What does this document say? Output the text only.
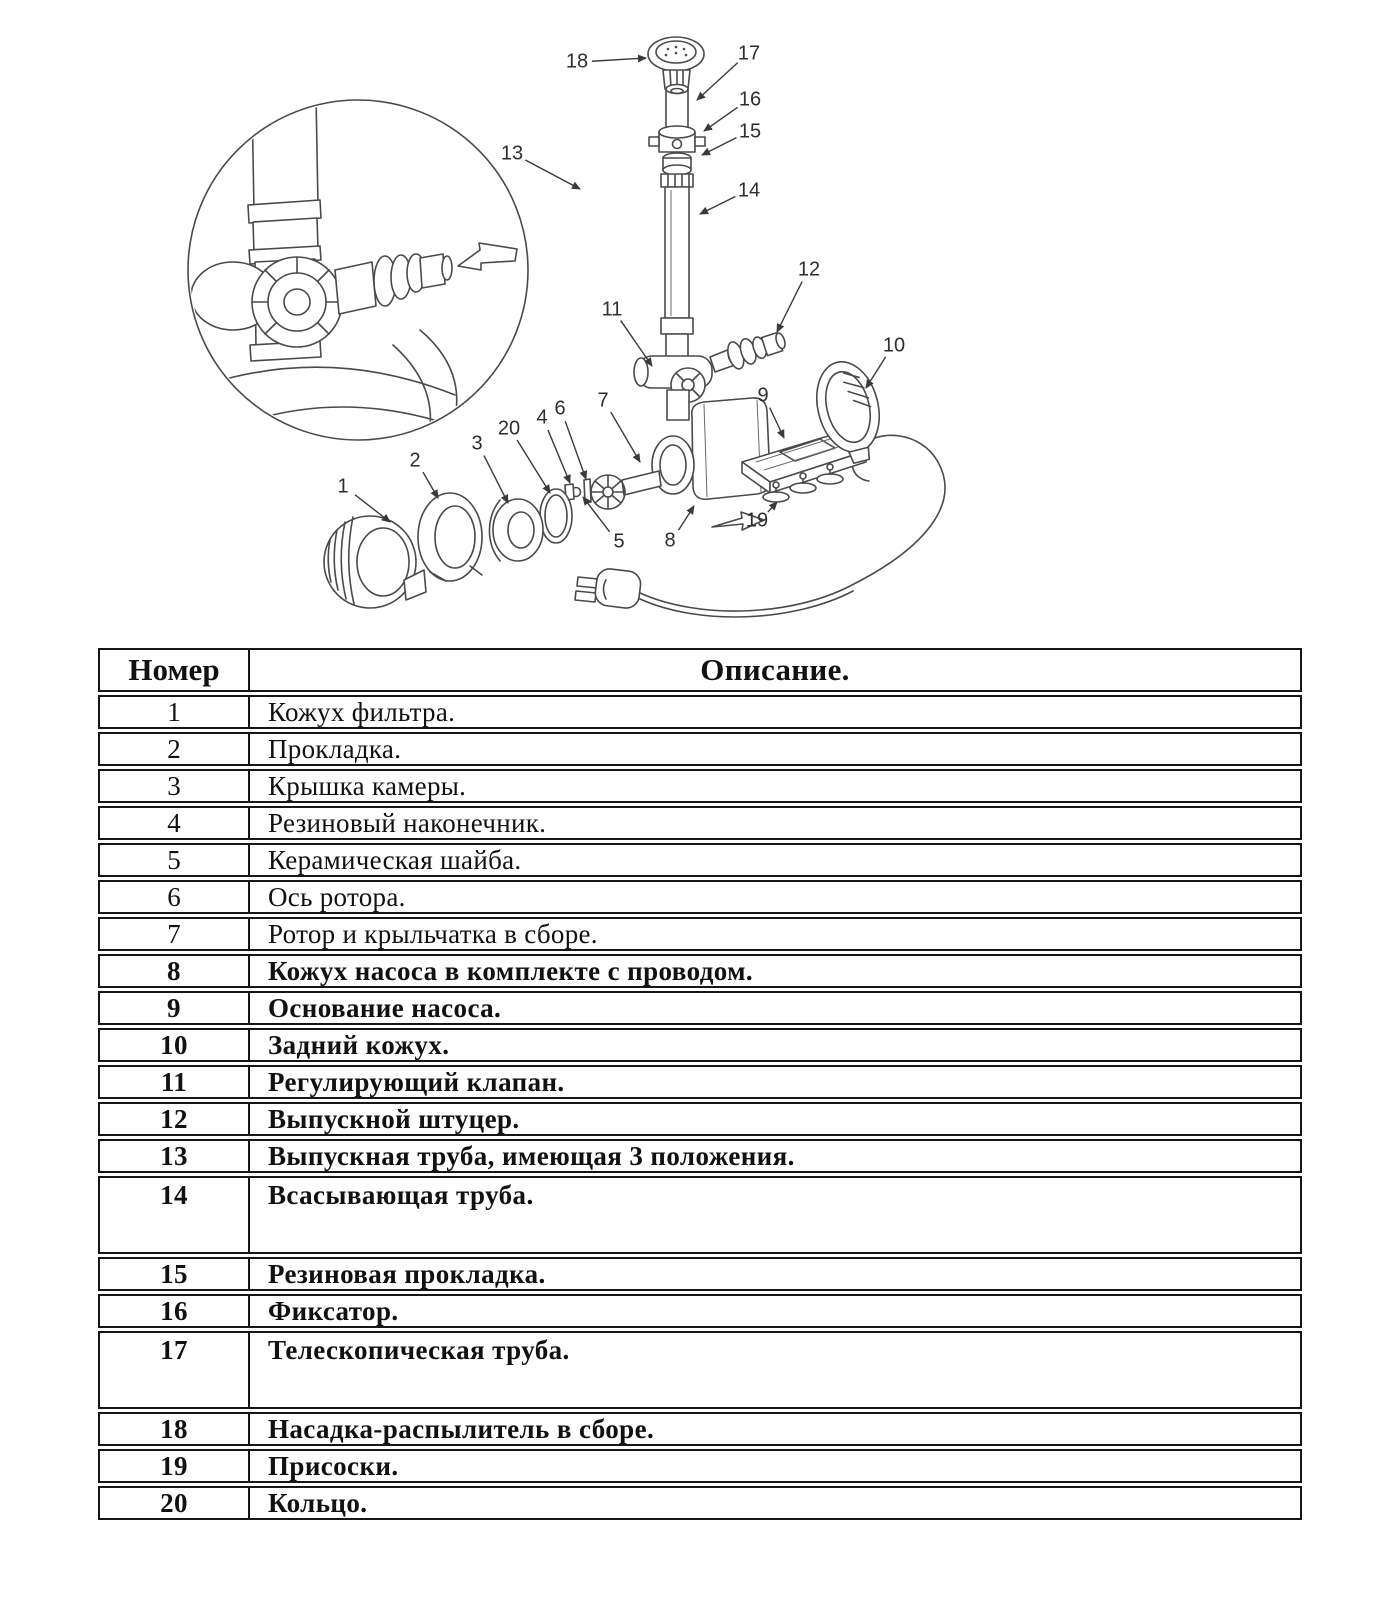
1
2
3
20 4 6 7
5 8
9
10
11
12
13
14
15
16
17
18
19
Номер	Описание.
1	Кожух фильтра.
2	Прокладка.
3	Крышка камеры.
4	Резиновый наконечник.
5	Керамическая шайба.
6	Ось ротора.
7	Ротор и крыльчатка в сборе.
8	Кожух насоса в комплекте с проводом.
9	Основание насоса.
10	Задний кожух.
11	Регулирующий клапан.
12	Выпускной штуцер.
13	Выпускная труба, имеющая 3 положения.
14	Всасывающая труба.
15	Резиновая прокладка.
16	Фиксатор.
17	Телескопическая труба.
18	Насадка-распылитель в сборе.
19	Присоски.
20	Кольцо.
